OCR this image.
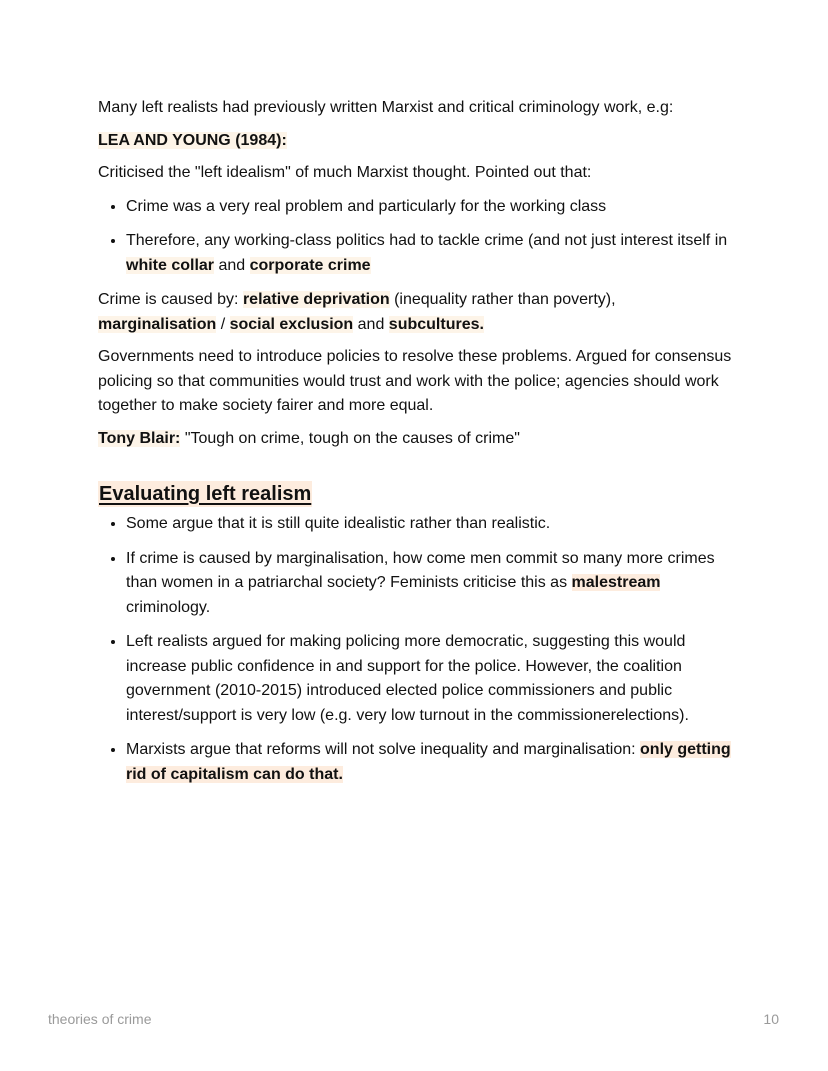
Many left realists had previously written Marxist and critical criminology work, e.g:

LEA AND YOUNG (1984):

Criticised the "left idealism" of much Marxist thought. Pointed out that:

• Crime was a very real problem and particularly for the working class
• Therefore, any working-class politics had to tackle crime (and not just interest itself in white collar and corporate crime

Crime is caused by: relative deprivation (inequality rather than poverty), marginalisation / social exclusion and subcultures.

Governments need to introduce policies to resolve these problems. Argued for consensus policing so that communities would trust and work with the police; agencies should work together to make society fairer and more equal.

Tony Blair: "Tough on crime, tough on the causes of crime"

Evaluating left realism
• Some argue that it is still quite idealistic rather than realistic.
• If crime is caused by marginalisation, how come men commit so many more crimes than women in a patriarchal society? Feminists criticise this as malestream criminology.
• Left realists argued for making policing more democratic, suggesting this would increase public confidence in and support for the police. However, the coalition government (2010-2015) introduced elected police commissioners and public interest/support is very low (e.g. very low turnout in the commissionerelections).
• Marxists argue that reforms will not solve inequality and marginalisation: only getting rid of capitalism can do that.
theories of crime	10
